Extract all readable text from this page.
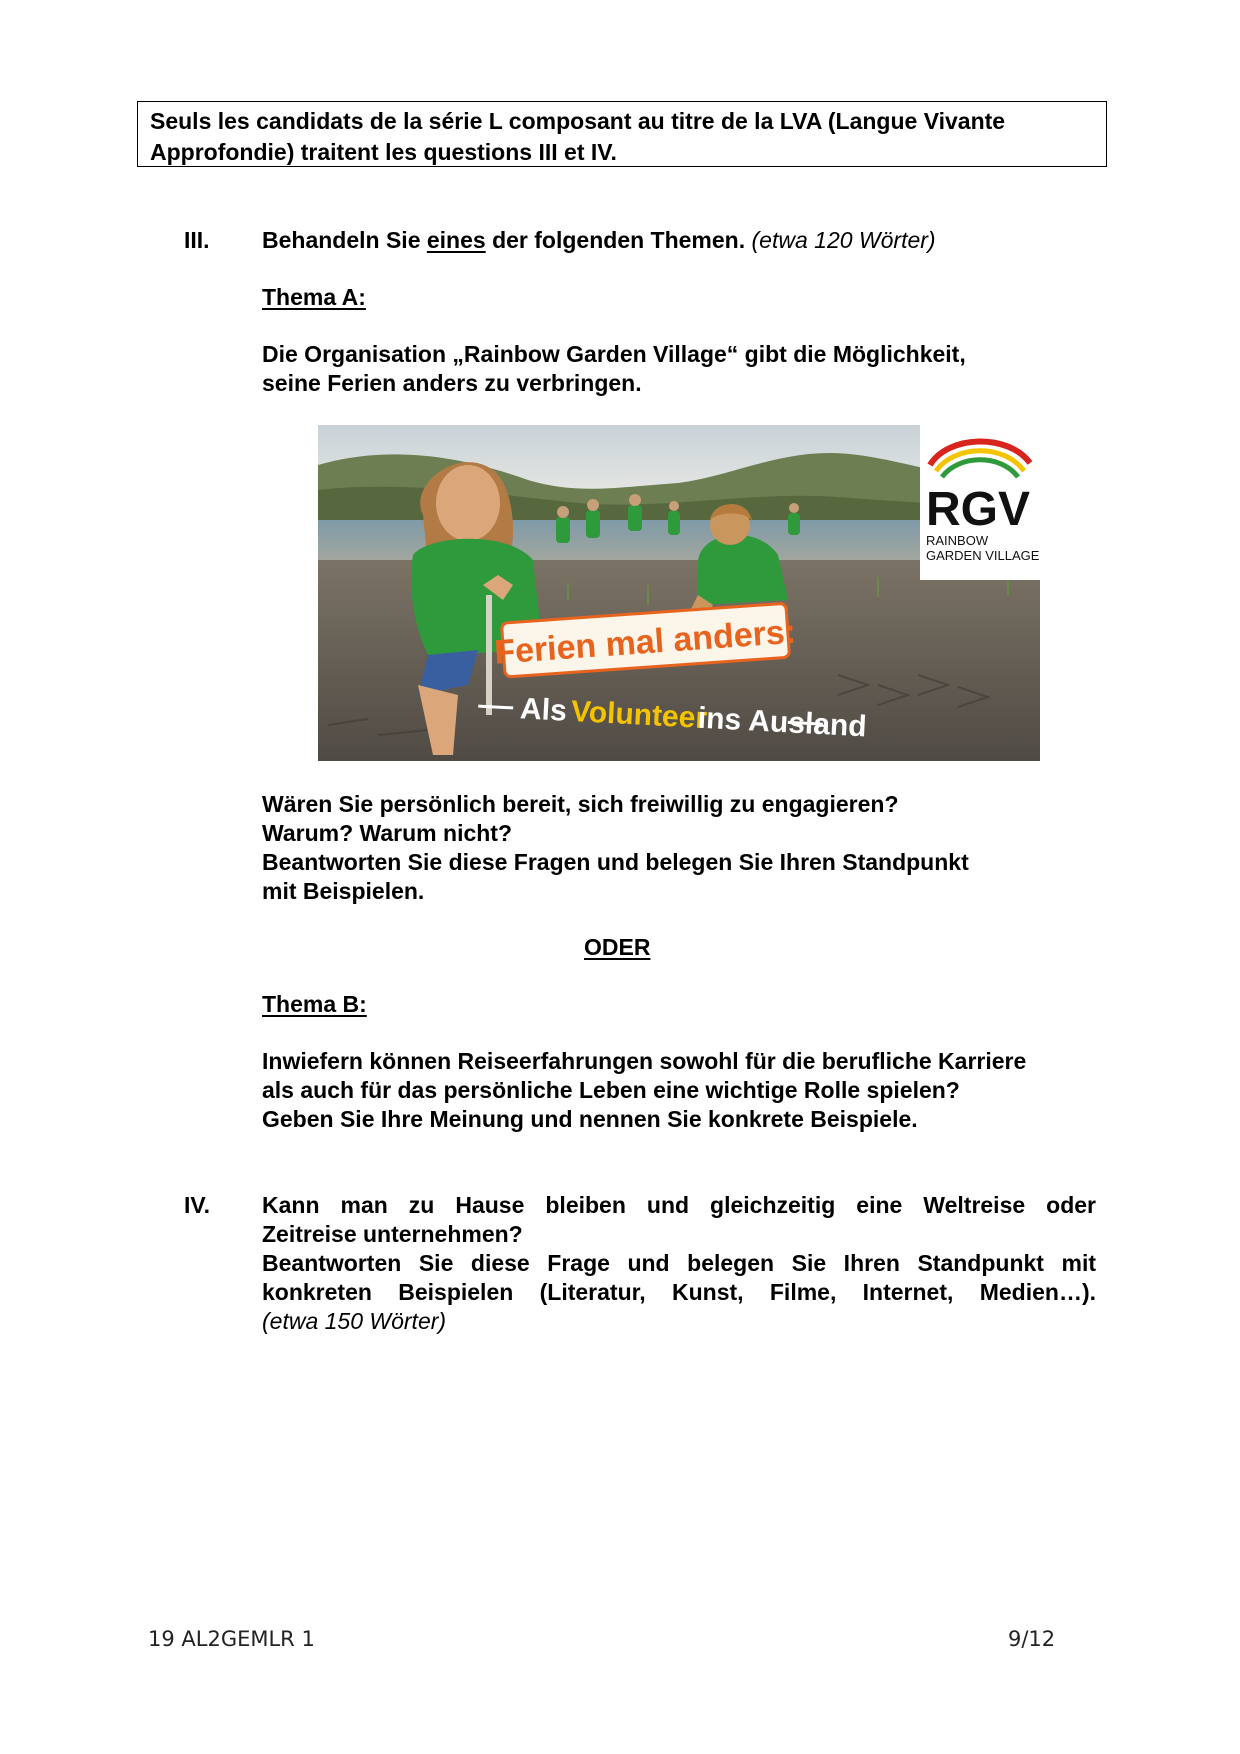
Seuls les candidats de la série L composant au titre de la LVA (Langue Vivante
Approfondie) traitent les questions III et IV.
III. Behandeln Sie eines der folgenden Themen. (etwa 120 Wörter)
Thema A:
Die Organisation „Rainbow Garden Village“ gibt die Möglichkeit,
seine Ferien anders zu verbringen.
Ferien mal anders:
Als Volunteer
ins Ausland
RGV
RAINBOW
GARDEN VILLAGE
Wären Sie persönlich bereit, sich freiwillig zu engagieren?
Warum? Warum nicht?
Beantworten Sie diese Fragen und belegen Sie Ihren Standpunkt
mit Beispielen.
ODER
Thema B:
Inwiefern können Reiseerfahrungen sowohl für die berufliche Karriere
als auch für das persönliche Leben eine wichtige Rolle spielen?
Geben Sie Ihre Meinung und nennen Sie konkrete Beispiele.
IV. Kann man zu Hause bleiben und gleichzeitig eine Weltreise oder
Zeitreise unternehmen?
Beantworten Sie diese Frage und belegen Sie Ihren Standpunkt mit
konkreten Beispielen (Literatur, Kunst, Filme, Internet, Medien…).
(etwa 150 Wörter)
19 AL2GEMLR 1	9/12
